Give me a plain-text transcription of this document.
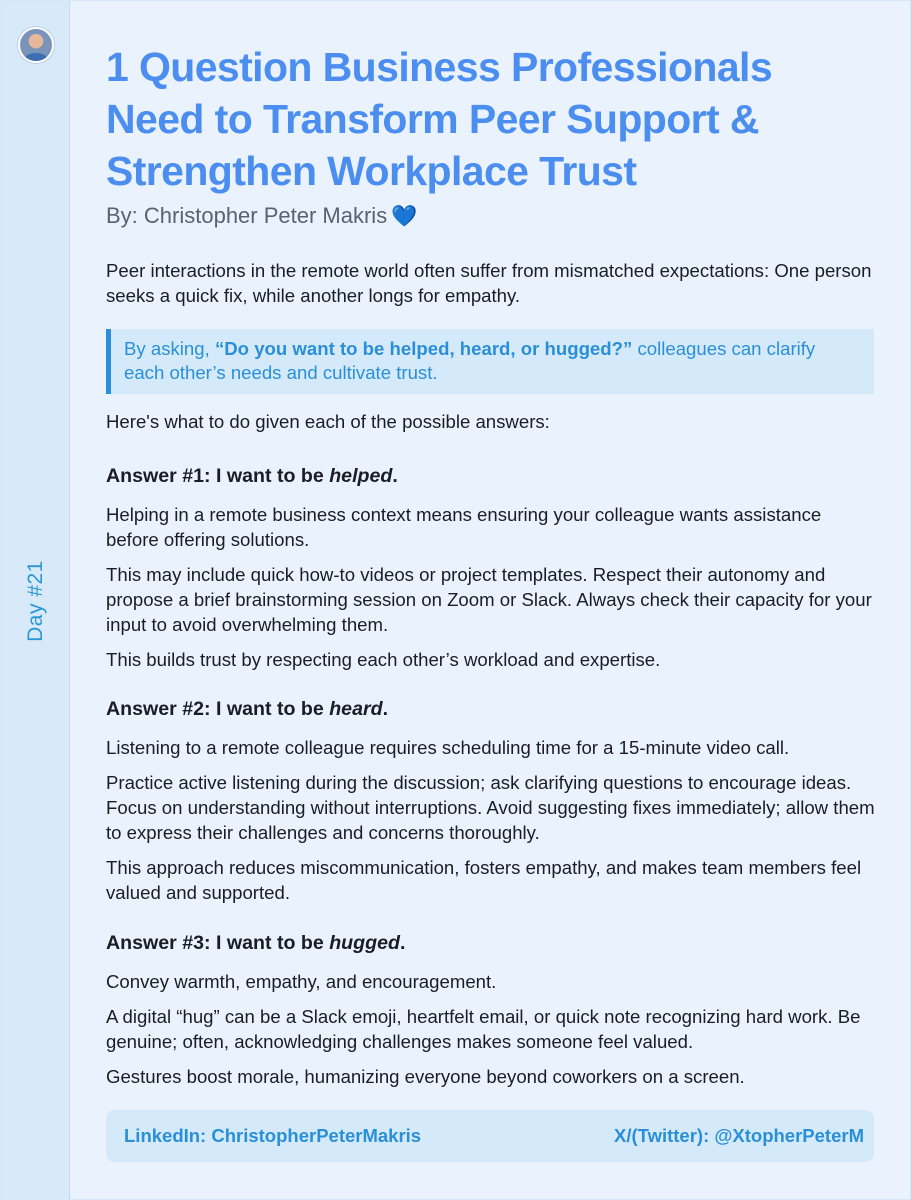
Day #21
1 Question Business Professionals Need to Transform Peer Support & Strengthen Workplace Trust
By: Christopher Peter Makris 💙

Peer interactions in the remote world often suffer from mismatched expectations: One person seeks a quick fix, while another longs for empathy.

By asking, “Do you want to be helped, heard, or hugged?” colleagues can clarify each other’s needs and cultivate trust.

Here's what to do given each of the possible answers:

Answer #1: I want to be helped.

Helping in a remote business context means ensuring your colleague wants assistance before offering solutions.

This may include quick how-to videos or project templates. Respect their autonomy and propose a brief brainstorming session on Zoom or Slack. Always check their capacity for your input to avoid overwhelming them.

This builds trust by respecting each other’s workload and expertise.

Answer #2: I want to be heard.

Listening to a remote colleague requires scheduling time for a 15-minute video call.

Practice active listening during the discussion; ask clarifying questions to encourage ideas. Focus on understanding without interruptions. Avoid suggesting fixes immediately; allow them to express their challenges and concerns thoroughly.

This approach reduces miscommunication, fosters empathy, and makes team members feel valued and supported.

Answer #3: I want to be hugged.

Convey warmth, empathy, and encouragement.

A digital “hug” can be a Slack emoji, heartfelt email, or quick note recognizing hard work. Be genuine; often, acknowledging challenges makes someone feel valued.

Gestures boost morale, humanizing everyone beyond coworkers on a screen.

LinkedIn: ChristopherPeterMakris	X/(Twitter): @XtopherPeterM
